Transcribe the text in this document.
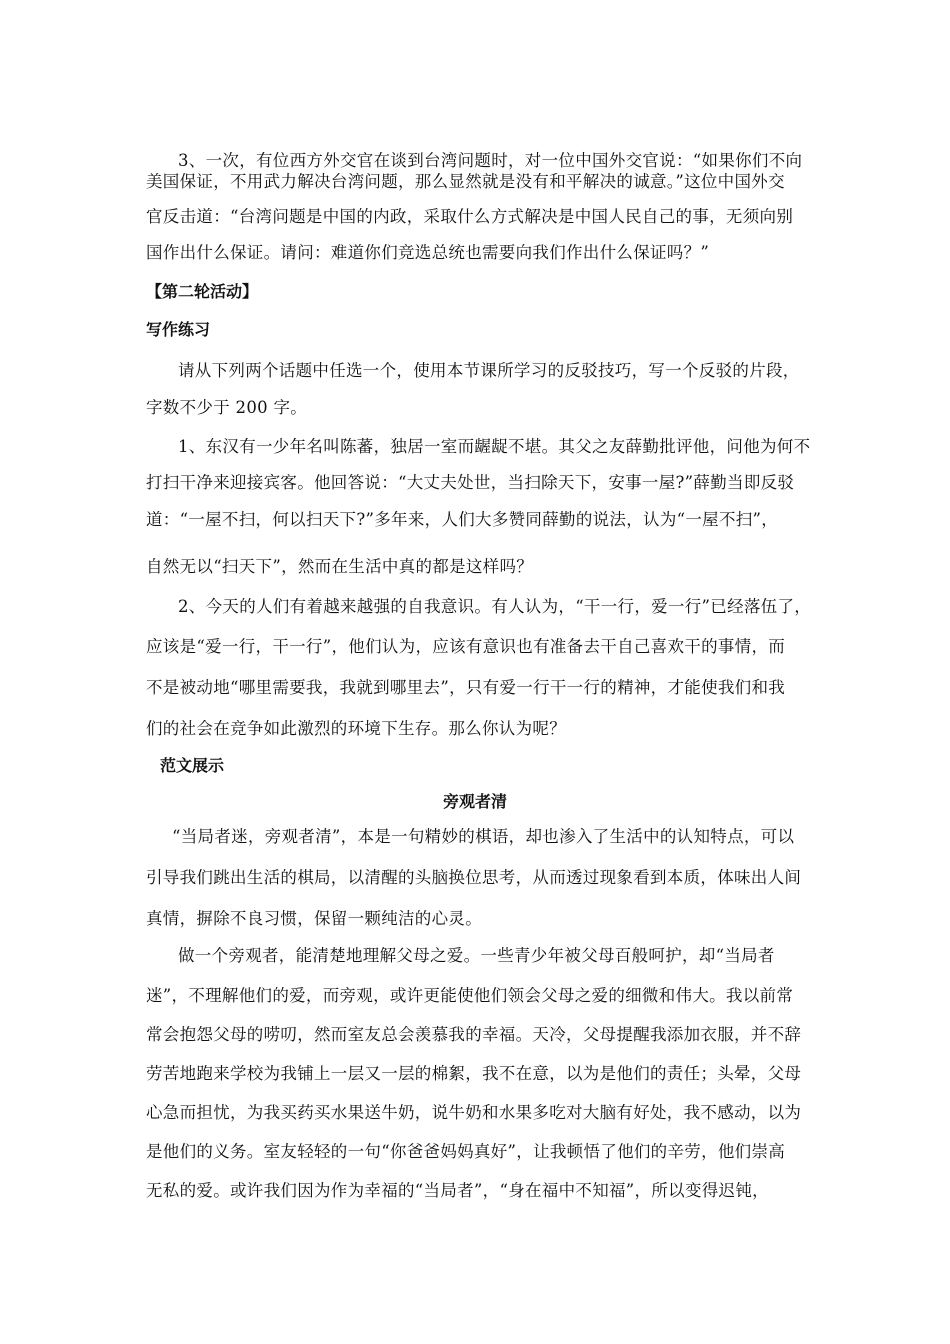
3、一次，有位西方外交官在谈到台湾问题时，对一位中国外交官说：“如果你们不向
美国保证，不用武力解决台湾问题，那么显然就是没有和平解决的诚意。”这位中国外交
官反击道：“台湾问题是中国的内政，采取什么方式解决是中国人民自己的事，无须向别
国作出什么保证。请问：难道你们竞选总统也需要向我们作出什么保证吗？”
【第二轮活动】
写作练习
请从下列两个话题中任选一个，使用本节课所学习的反驳技巧，写一个反驳的片段，
字数不少于 200 字。
1、东汉有一少年名叫陈蕃，独居一室而龌龊不堪。其父之友薛勤批评他，问他为何不
打扫干净来迎接宾客。他回答说：“大丈夫处世，当扫除天下，安事一屋?”薛勤当即反驳
道：“一屋不扫，何以扫天下?”多年来，人们大多赞同薛勤的说法，认为“一屋不扫”，
自然无以“扫天下”，然而在生活中真的都是这样吗？
2、今天的人们有着越来越强的自我意识。有人认为，“干一行，爱一行”已经落伍了，
应该是“爱一行，干一行”，他们认为，应该有意识也有准备去干自己喜欢干的事情，而
不是被动地“哪里需要我，我就到哪里去”，只有爱一行干一行的精神，才能使我们和我
们的社会在竞争如此激烈的环境下生存。那么你认为呢？
范文展示
旁观者清
“当局者迷，旁观者清”，本是一句精妙的棋语，却也渗入了生活中的认知特点，可以
引导我们跳出生活的棋局，以清醒的头脑换位思考，从而透过现象看到本质，体味出人间
真情，摒除不良习惯，保留一颗纯洁的心灵。
做一个旁观者，能清楚地理解父母之爱。一些青少年被父母百般呵护，却“当局者
迷”，不理解他们的爱，而旁观，或许更能使他们领会父母之爱的细微和伟大。我以前常
常会抱怨父母的唠叨，然而室友总会羡慕我的幸福。天冷，父母提醒我添加衣服，并不辞
劳苦地跑来学校为我铺上一层又一层的棉絮，我不在意，以为是他们的责任；头晕，父母
心急而担忧，为我买药买水果送牛奶，说牛奶和水果多吃对大脑有好处，我不感动，以为
是他们的义务。室友轻轻的一句“你爸爸妈妈真好”，让我顿悟了他们的辛劳，他们崇高
无私的爱。或许我们因为作为幸福的“当局者”，“身在福中不知福”，所以变得迟钝，
